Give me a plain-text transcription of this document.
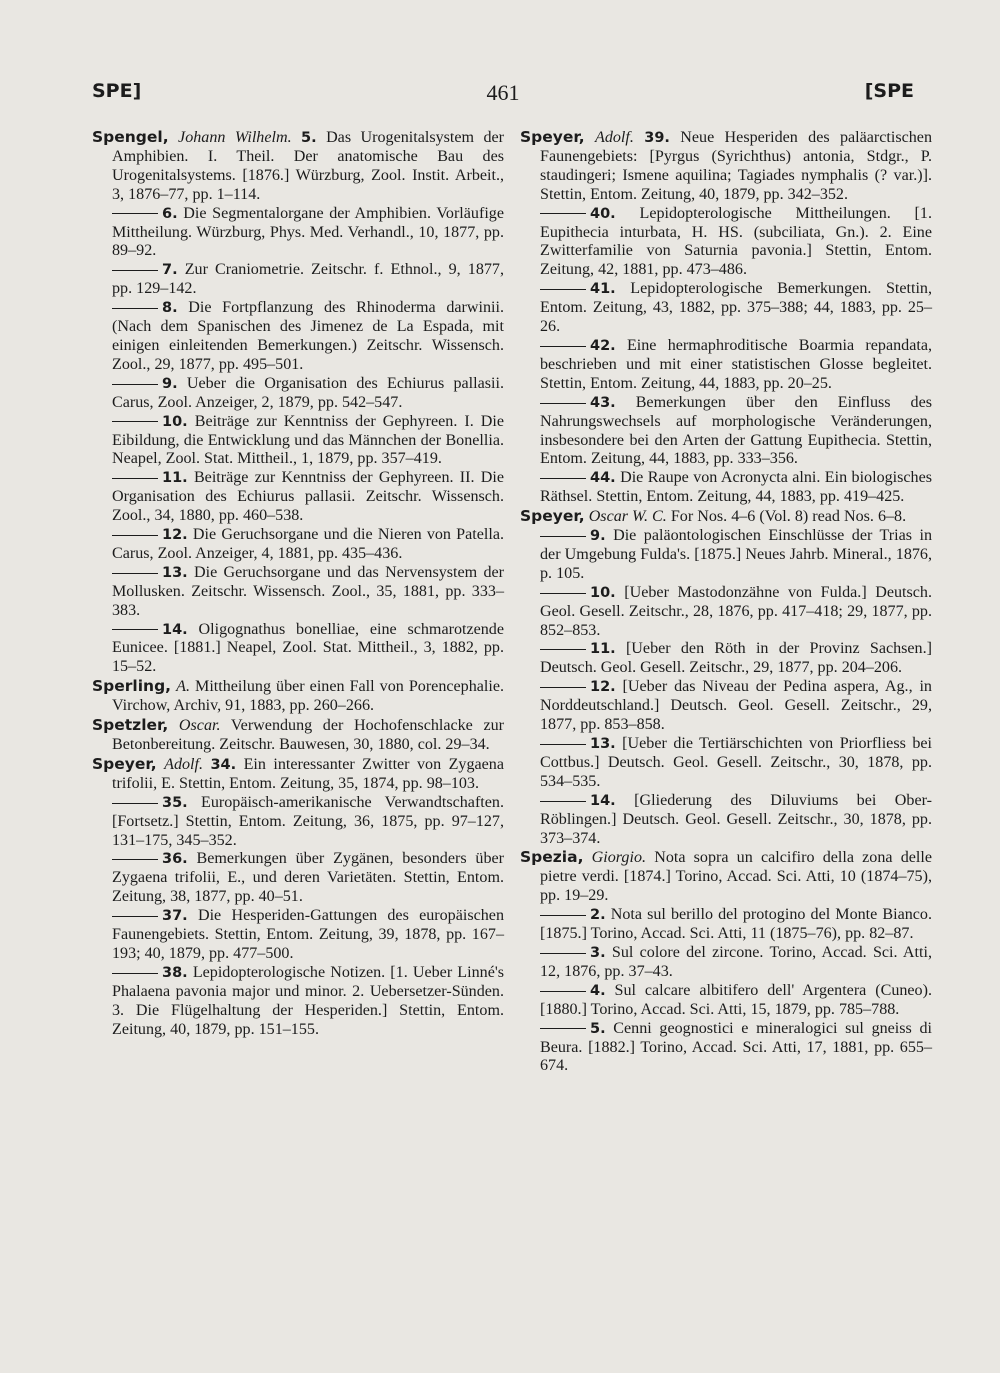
SPE]	461	[SPE

Spengel, Johann Wilhelm. 5. Das Urogenitalsystem der Amphibien. I. Theil. Der anatomische Bau des Urogenitalsystems. [1876.] Würzburg, Zool. Instit. Arbeit., 3, 1876–77, pp. 1–114.

6. Die Segmentalorgane der Amphibien. Vorläufige Mittheilung. Würzburg, Phys. Med. Verhandl., 10, 1877, pp. 89–92.

7. Zur Craniometrie. Zeitschr. f. Ethnol., 9, 1877, pp. 129–142.

8. Die Fortpflanzung des Rhinoderma darwinii. (Nach dem Spanischen des Jimenez de La Espada, mit einigen einleitenden Bemerkungen.) Zeitschr. Wissensch. Zool., 29, 1877, pp. 495–501.

9. Ueber die Organisation des Echiurus pallasii. Carus, Zool. Anzeiger, 2, 1879, pp. 542–547.

10. Beiträge zur Kenntniss der Gephyreen. I. Die Eibildung, die Entwicklung und das Männchen der Bonellia. Neapel, Zool. Stat. Mittheil., 1, 1879, pp. 357–419.

11. Beiträge zur Kenntniss der Gephyreen. II. Die Organisation des Echiurus pallasii. Zeitschr. Wissensch. Zool., 34, 1880, pp. 460–538.

12. Die Geruchsorgane und die Nieren von Patella. Carus, Zool. Anzeiger, 4, 1881, pp. 435–436.

13. Die Geruchsorgane und das Nervensystem der Mollusken. Zeitschr. Wissensch. Zool., 35, 1881, pp. 333–383.

14. Oligognathus bonelliae, eine schmarotzende Eunicee. [1881.] Neapel, Zool. Stat. Mittheil., 3, 1882, pp. 15–52.

Sperling, A. Mittheilung über einen Fall von Porencephalie. Virchow, Archiv, 91, 1883, pp. 260–266.

Spetzler, Oscar. Verwendung der Hochofenschlacke zur Betonbereitung. Zeitschr. Bauwesen, 30, 1880, col. 29–34.

Speyer, Adolf. 34. Ein interessanter Zwitter von Zygaena trifolii, E. Stettin, Entom. Zeitung, 35, 1874, pp. 98–103.

35. Europäisch-amerikanische Verwandtschaften. [Fortsetz.] Stettin, Entom. Zeitung, 36, 1875, pp. 97–127, 131–175, 345–352.

36. Bemerkungen über Zygänen, besonders über Zygaena trifolii, E., und deren Varietäten. Stettin, Entom. Zeitung, 38, 1877, pp. 40–51.

37. Die Hesperiden-Gattungen des europäischen Faunengebiets. Stettin, Entom. Zeitung, 39, 1878, pp. 167–193; 40, 1879, pp. 477–500.

38. Lepidopterologische Notizen. [1. Ueber Linné's Phalaena pavonia major und minor. 2. Uebersetzer-Sünden. 3. Die Flügelhaltung der Hesperiden.] Stettin, Entom. Zeitung, 40, 1879, pp. 151–155.

Speyer, Adolf. 39. Neue Hesperiden des paläarctischen Faunengebiets: [Pyrgus (Syrichthus) antonia, Stdgr., P. staudingeri; Ismene aquilina; Tagiades nymphalis (? var.)]. Stettin, Entom. Zeitung, 40, 1879, pp. 342–352.

40. Lepidopterologische Mittheilungen. [1. Eupithecia inturbata, H. HS. (subciliata, Gn.). 2. Eine Zwitterfamilie von Saturnia pavonia.] Stettin, Entom. Zeitung, 42, 1881, pp. 473–486.

41. Lepidopterologische Bemerkungen. Stettin, Entom. Zeitung, 43, 1882, pp. 375–388; 44, 1883, pp. 25–26.

42. Eine hermaphroditische Boarmia repandata, beschrieben und mit einer statistischen Glosse begleitet. Stettin, Entom. Zeitung, 44, 1883, pp. 20–25.

43. Bemerkungen über den Einfluss des Nahrungswechsels auf morphologische Veränderungen, insbesondere bei den Arten der Gattung Eupithecia. Stettin, Entom. Zeitung, 44, 1883, pp. 333–356.

44. Die Raupe von Acronycta alni. Ein biologisches Räthsel. Stettin, Entom. Zeitung, 44, 1883, pp. 419–425.

Speyer, Oscar W. C. For Nos. 4–6 (Vol. 8) read Nos. 6–8.

9. Die paläontologischen Einschlüsse der Trias in der Umgebung Fulda's. [1875.] Neues Jahrb. Mineral., 1876, p. 105.

10. [Ueber Mastodonzähne von Fulda.] Deutsch. Geol. Gesell. Zeitschr., 28, 1876, pp. 417–418; 29, 1877, pp. 852–853.

11. [Ueber den Röth in der Provinz Sachsen.] Deutsch. Geol. Gesell. Zeitschr., 29, 1877, pp. 204–206.

12. [Ueber das Niveau der Pedina aspera, Ag., in Norddeutschland.] Deutsch. Geol. Gesell. Zeitschr., 29, 1877, pp. 853–858.

13. [Ueber die Tertiärschichten von Priorfliess bei Cottbus.] Deutsch. Geol. Gesell. Zeitschr., 30, 1878, pp. 534–535.

14. [Gliederung des Diluviums bei Ober-Röblingen.] Deutsch. Geol. Gesell. Zeitschr., 30, 1878, pp. 373–374.

Spezia, Giorgio. Nota sopra un calcifiro della zona delle pietre verdi. [1874.] Torino, Accad. Sci. Atti, 10 (1874–75), pp. 19–29.

2. Nota sul berillo del protogino del Monte Bianco. [1875.] Torino, Accad. Sci. Atti, 11 (1875–76), pp. 82–87.

3. Sul colore del zircone. Torino, Accad. Sci. Atti, 12, 1876, pp. 37–43.

4. Sul calcare albitifero dell' Argentera (Cuneo). [1880.] Torino, Accad. Sci. Atti, 15, 1879, pp. 785–788.

5. Cenni geognostici e mineralogici sul gneiss di Beura. [1882.] Torino, Accad. Sci. Atti, 17, 1881, pp. 655–674.
